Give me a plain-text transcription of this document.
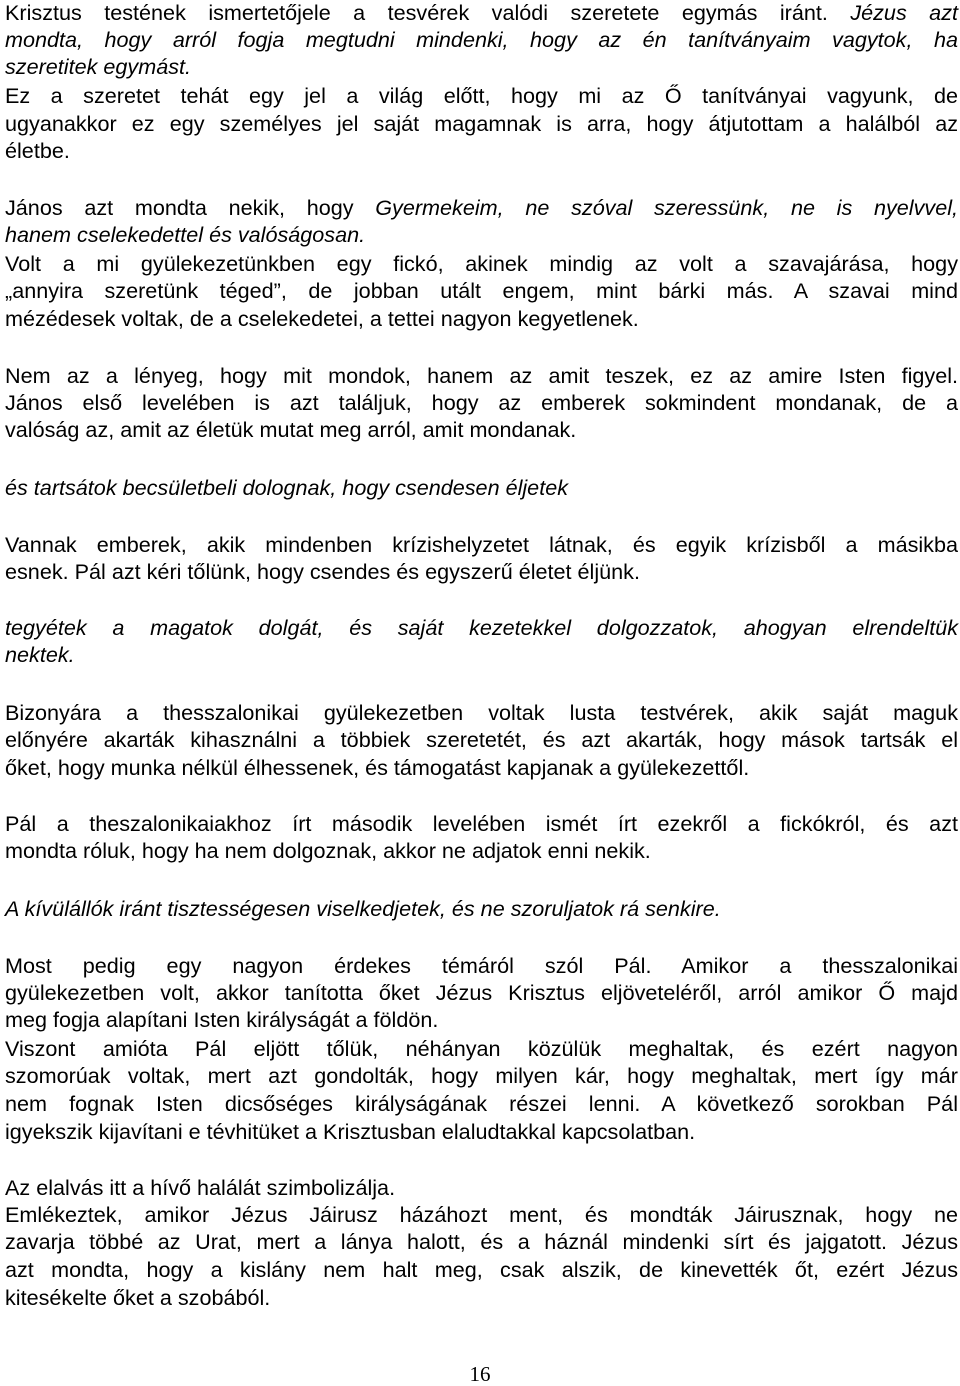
Krisztus testének ismertetőjele a tesvérek valódi szeretete egymás iránt. Jézus azt
mondta, hogy arról fogja megtudni mindenki, hogy az én tanítványaim vagytok, ha
szeretitek egymást.
Ez a szeretet tehát egy jel a világ előtt, hogy mi az Ő tanítványai vagyunk, de
ugyanakkor ez egy személyes jel saját magamnak is arra, hogy átjutottam a halálból az
életbe.
János azt mondta nekik, hogy Gyermekeim, ne szóval szeressünk, ne is nyelvvel,
hanem cselekedettel és valóságosan.
Volt a mi gyülekezetünkben egy fickó, akinek mindig az volt a szavajárása, hogy
„annyira szeretünk téged”, de jobban utált engem, mint bárki más. A szavai mind
mézédesek voltak, de a cselekedetei, a tettei nagyon kegyetlenek.
Nem az a lényeg, hogy mit mondok, hanem az amit teszek, ez az amire Isten figyel.
János első levelében is azt találjuk, hogy az emberek sokmindent mondanak, de a
valóság az, amit az életük mutat meg arról, amit mondanak.
és tartsátok becsületbeli dolognak, hogy csendesen éljetek
Vannak emberek, akik mindenben krízishelyzetet látnak, és egyik krízisből a másikba
esnek. Pál azt kéri tőlünk, hogy csendes és egyszerű életet éljünk.
tegyétek a magatok dolgát, és saját kezetekkel dolgozzatok, ahogyan elrendeltük
nektek.
Bizonyára a thesszalonikai gyülekezetben voltak lusta testvérek, akik saját maguk
előnyére akarták kihasználni a többiek szeretetét, és azt akarták, hogy mások tartsák el
őket, hogy munka nélkül élhessenek, és támogatást kapjanak a gyülekezettől.
Pál a theszalonikaiakhoz írt második levelében ismét írt ezekről a fickókról, és azt
mondta róluk, hogy ha nem dolgoznak, akkor ne adjatok enni nekik.
A kívülállók iránt tisztességesen viselkedjetek, és ne szoruljatok rá senkire.
Most pedig egy nagyon érdekes témáról szól Pál. Amikor a thesszalonikai
gyülekezetben volt, akkor tanította őket Jézus Krisztus eljöveteléről, arról amikor Ő majd
meg fogja alapítani Isten királyságát a földön.
Viszont amióta Pál eljött tőlük, néhányan közülük meghaltak, és ezért nagyon
szomorúak voltak, mert azt gondolták, hogy milyen kár, hogy meghaltak, mert így már
nem fognak Isten dicsőséges királyságának részei lenni. A következő sorokban Pál
igyekszik kijavítani e tévhitüket a Krisztusban elaludtakkal kapcsolatban.
Az elalvás itt a hívő halálát szimbolizálja.
Emlékeztek, amikor Jézus Jáirusz házáhozt ment, és mondták Jáirusznak, hogy ne
zavarja többé az Urat, mert a lánya halott, és a háznál mindenki sírt és jajgatott. Jézus
azt mondta, hogy a kislány nem halt meg, csak alszik, de kinevették őt, ezért Jézus
kitesékelte őket a szobából.
16
